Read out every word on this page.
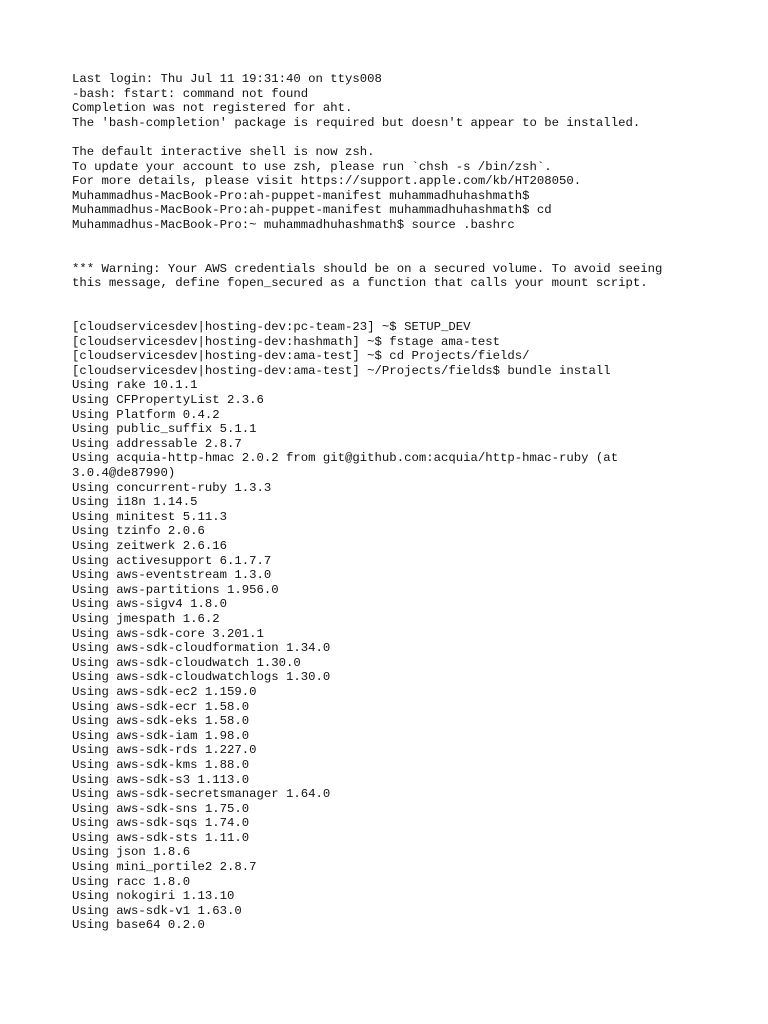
Last login: Thu Jul 11 19:31:40 on ttys008
-bash: fstart: command not found
Completion was not registered for aht.
The 'bash-completion' package is required but doesn't appear to be installed.
The default interactive shell is now zsh.
To update your account to use zsh, please run `chsh -s /bin/zsh`.
For more details, please visit https://support.apple.com/kb/HT208050.
Muhammadhus-MacBook-Pro:ah-puppet-manifest muhammadhuhashmath$
Muhammadhus-MacBook-Pro:ah-puppet-manifest muhammadhuhashmath$ cd
Muhammadhus-MacBook-Pro:~ muhammadhuhashmath$ source .bashrc
*** Warning: Your AWS credentials should be on a secured volume. To avoid seeing
this message, define fopen_secured as a function that calls your mount script.
[cloudservicesdev|hosting-dev:pc-team-23] ~$ SETUP_DEV
[cloudservicesdev|hosting-dev:hashmath] ~$ fstage ama-test
[cloudservicesdev|hosting-dev:ama-test] ~$ cd Projects/fields/
[cloudservicesdev|hosting-dev:ama-test] ~/Projects/fields$ bundle install
Using rake 10.1.1
Using CFPropertyList 2.3.6
Using Platform 0.4.2
Using public_suffix 5.1.1
Using addressable 2.8.7
Using acquia-http-hmac 2.0.2 from git@github.com:acquia/http-hmac-ruby (at
3.0.4@de87990)
Using concurrent-ruby 1.3.3
Using i18n 1.14.5
Using minitest 5.11.3
Using tzinfo 2.0.6
Using zeitwerk 2.6.16
Using activesupport 6.1.7.7
Using aws-eventstream 1.3.0
Using aws-partitions 1.956.0
Using aws-sigv4 1.8.0
Using jmespath 1.6.2
Using aws-sdk-core 3.201.1
Using aws-sdk-cloudformation 1.34.0
Using aws-sdk-cloudwatch 1.30.0
Using aws-sdk-cloudwatchlogs 1.30.0
Using aws-sdk-ec2 1.159.0
Using aws-sdk-ecr 1.58.0
Using aws-sdk-eks 1.58.0
Using aws-sdk-iam 1.98.0
Using aws-sdk-rds 1.227.0
Using aws-sdk-kms 1.88.0
Using aws-sdk-s3 1.113.0
Using aws-sdk-secretsmanager 1.64.0
Using aws-sdk-sns 1.75.0
Using aws-sdk-sqs 1.74.0
Using aws-sdk-sts 1.11.0
Using json 1.8.6
Using mini_portile2 2.8.7
Using racc 1.8.0
Using nokogiri 1.13.10
Using aws-sdk-v1 1.63.0
Using base64 0.2.0
